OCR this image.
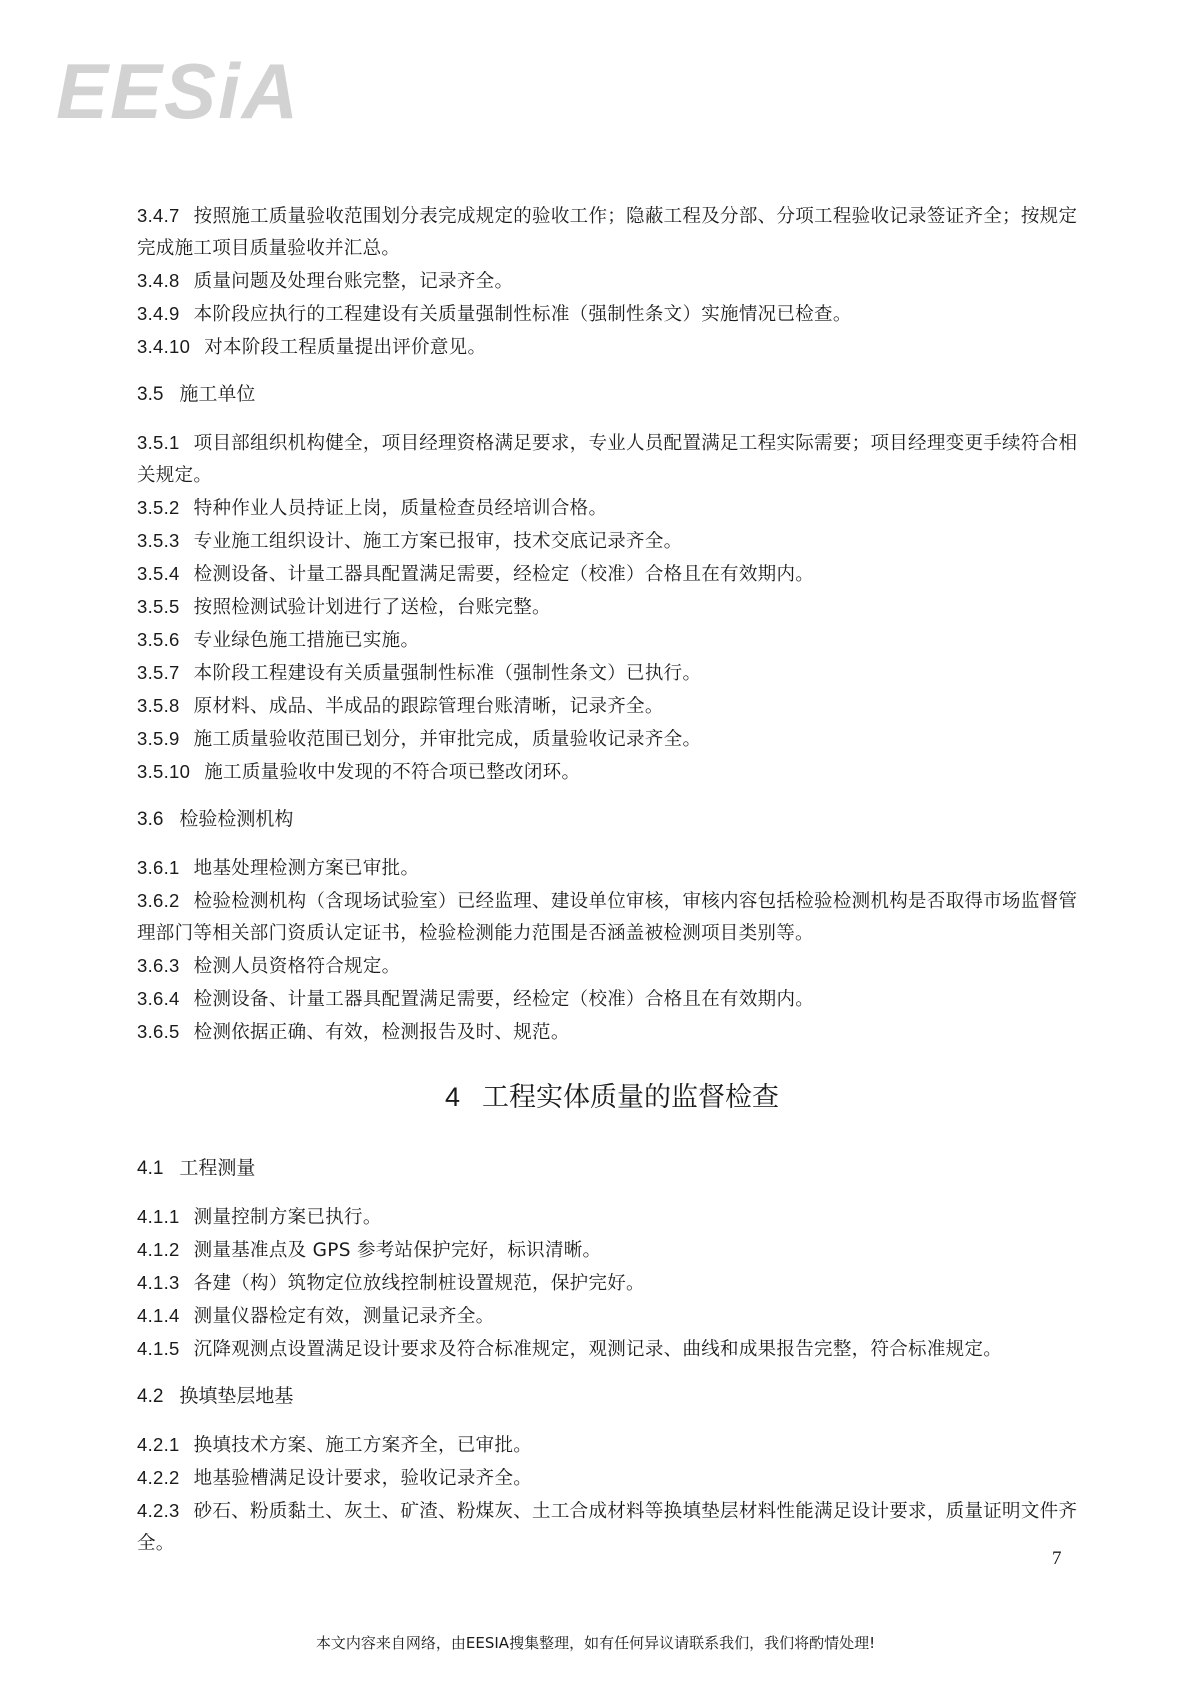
EESiA
3.4.7 按照施工质量验收范围划分表完成规定的验收工作；隐蔽工程及分部、分项工程验收记录签证齐全；按规定完成施工项目质量验收并汇总。
3.4.8 质量问题及处理台账完整，记录齐全。
3.4.9 本阶段应执行的工程建设有关质量强制性标准（强制性条文）实施情况已检查。
3.4.10 对本阶段工程质量提出评价意见。
3.5 施工单位
3.5.1 项目部组织机构健全，项目经理资格满足要求，专业人员配置满足工程实际需要；项目经理变更手续符合相关规定。
3.5.2 特种作业人员持证上岗，质量检查员经培训合格。
3.5.3 专业施工组织设计、施工方案已报审，技术交底记录齐全。
3.5.4 检测设备、计量工器具配置满足需要，经检定（校准）合格且在有效期内。
3.5.5 按照检测试验计划进行了送检，台账完整。
3.5.6 专业绿色施工措施已实施。
3.5.7 本阶段工程建设有关质量强制性标准（强制性条文）已执行。
3.5.8 原材料、成品、半成品的跟踪管理台账清晰，记录齐全。
3.5.9 施工质量验收范围已划分，并审批完成，质量验收记录齐全。
3.5.10 施工质量验收中发现的不符合项已整改闭环。
3.6 检验检测机构
3.6.1 地基处理检测方案已审批。
3.6.2 检验检测机构（含现场试验室）已经监理、建设单位审核，审核内容包括检验检测机构是否取得市场监督管理部门等相关部门资质认定证书，检验检测能力范围是否涵盖被检测项目类别等。
3.6.3 检测人员资格符合规定。
3.6.4 检测设备、计量工器具配置满足需要，经检定（校准）合格且在有效期内。
3.6.5 检测依据正确、有效，检测报告及时、规范。
4 工程实体质量的监督检查
4.1 工程测量
4.1.1 测量控制方案已执行。
4.1.2 测量基准点及 GPS 参考站保护完好，标识清晰。
4.1.3 各建（构）筑物定位放线控制桩设置规范，保护完好。
4.1.4 测量仪器检定有效，测量记录齐全。
4.1.5 沉降观测点设置满足设计要求及符合标准规定，观测记录、曲线和成果报告完整，符合标准规定。
4.2 换填垫层地基
4.2.1 换填技术方案、施工方案齐全，已审批。
4.2.2 地基验槽满足设计要求，验收记录齐全。
4.2.3 砂石、粉质黏土、灰土、矿渣、粉煤灰、土工合成材料等换填垫层材料性能满足设计要求，质量证明文件齐全。
7
本文内容来自网络，由EESIA搜集整理，如有任何异议请联系我们，我们将酌情处理!
